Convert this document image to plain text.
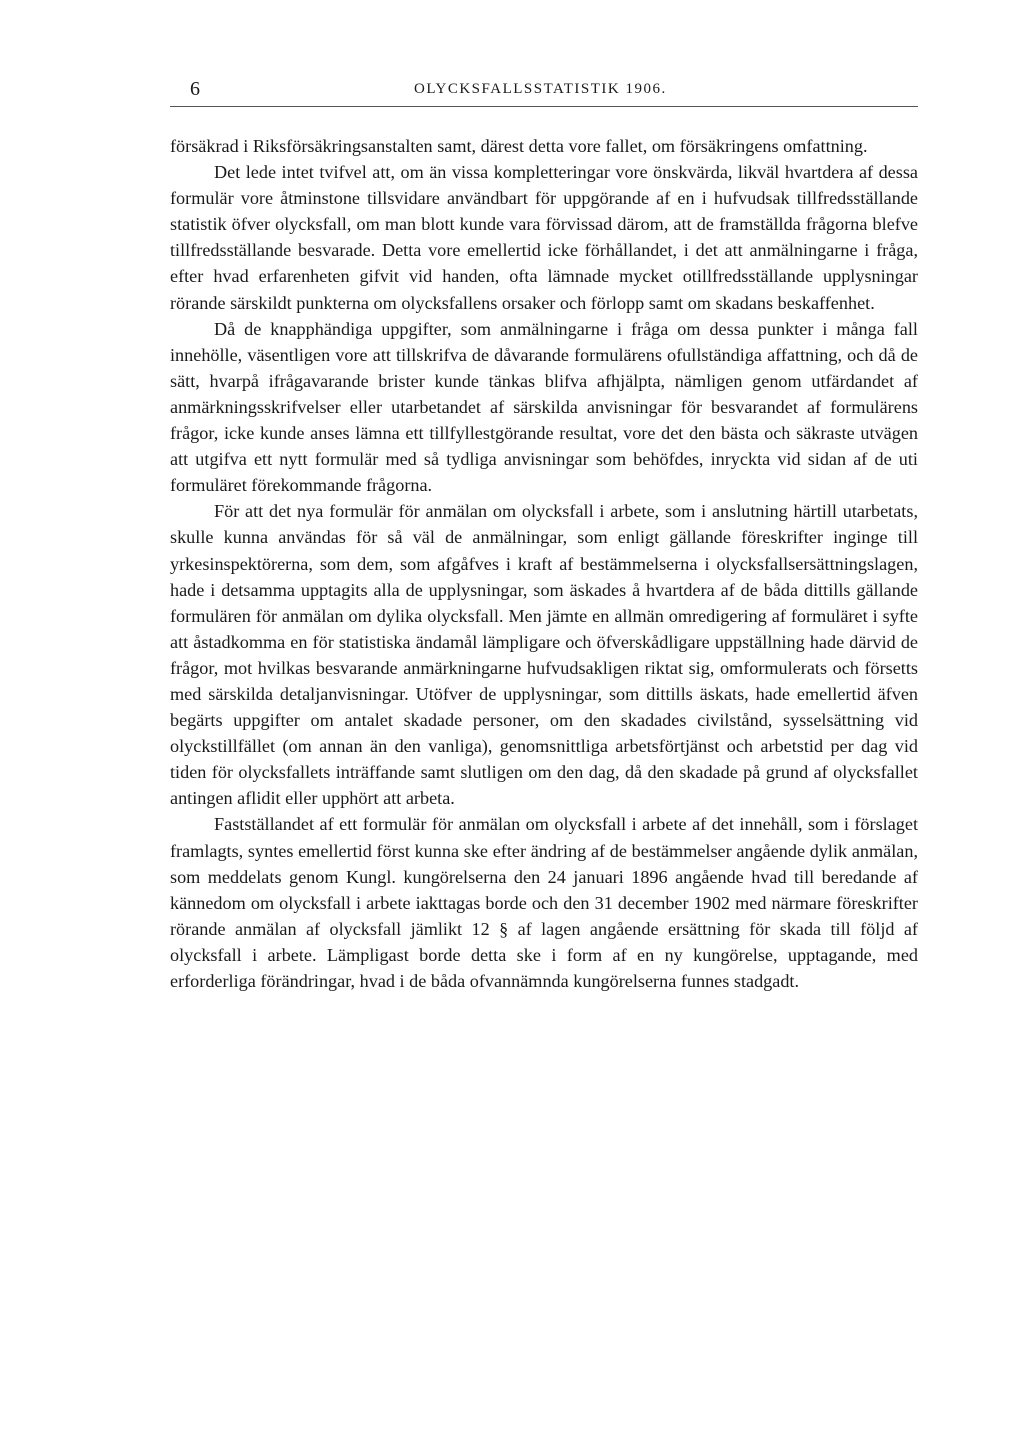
6	OLYCKSFALLSSTATISTIK 1906.

försäkrad i Riksförsäkringsanstalten samt, därest detta vore fallet, om försäkringens omfattning.

Det lede intet tvifvel att, om än vissa kompletteringar vore önskvärda, likväl hvartdera af dessa formulär vore åtminstone tillsvidare användbart för uppgörande af en i hufvudsak tillfredsställande statistik öfver olycksfall, om man blott kunde vara förvissad därom, att de framställda frågorna blefve tillfredsställande besvarade. Detta vore emellertid icke förhållandet, i det att anmälningarne i fråga, efter hvad erfarenheten gifvit vid handen, ofta lämnade mycket otillfredsställande upplysningar rörande särskildt punkterna om olycksfallens orsaker och förlopp samt om skadans beskaffenhet.

Då de knapphändiga uppgifter, som anmälningarne i fråga om dessa punkter i många fall innehölle, väsentligen vore att tillskrifva de dåvarande formulärens ofullständiga affattning, och då de sätt, hvarpå ifrågavarande brister kunde tänkas blifva afhjälpta, nämligen genom utfärdandet af anmärkningsskrifvelser eller utarbetandet af särskilda anvisningar för besvarandet af formulärens frågor, icke kunde anses lämna ett tillfyllestgörande resultat, vore det den bästa och säkraste utvägen att utgifva ett nytt formulär med så tydliga anvisningar som behöfdes, inryckta vid sidan af de uti formuläret förekommande frågorna.

För att det nya formulär för anmälan om olycksfall i arbete, som i anslutning härtill utarbetats, skulle kunna användas för så väl de anmälningar, som enligt gällande föreskrifter inginge till yrkesinspektörerna, som dem, som afgåfves i kraft af bestämmelserna i olycksfallsersättningslagen, hade i detsamma upptagits alla de upplysningar, som äskades å hvartdera af de båda dittills gällande formulären för anmälan om dylika olycksfall. Men jämte en allmän omredigering af formuläret i syfte att åstadkomma en för statistiska ändamål lämpligare och öfverskådligare uppställning hade därvid de frågor, mot hvilkas besvarande anmärkningarne hufvudsakligen riktat sig, omformulerats och försetts med särskilda detaljanvisningar. Utöfver de upplysningar, som dittills äskats, hade emellertid äfven begärts uppgifter om antalet skadade personer, om den skadades civilstånd, sysselsättning vid olyckstillfället (om annan än den vanliga), genomsnittliga arbetsförtjänst och arbetstid per dag vid tiden för olycksfallets inträffande samt slutligen om den dag, då den skadade på grund af olycksfallet antingen aflidit eller upphört att arbeta.

Fastställandet af ett formulär för anmälan om olycksfall i arbete af det innehåll, som i förslaget framlagts, syntes emellertid först kunna ske efter ändring af de bestämmelser angående dylik anmälan, som meddelats genom Kungl. kungörelserna den 24 januari 1896 angående hvad till beredande af kännedom om olycksfall i arbete iakttagas borde och den 31 december 1902 med närmare föreskrifter rörande anmälan af olycksfall jämlikt 12 § af lagen angående ersättning för skada till följd af olycksfall i arbete. Lämpligast borde detta ske i form af en ny kungörelse, upptagande, med erforderliga förändringar, hvad i de båda ofvannämnda kungörelserna funnes stadgadt.
